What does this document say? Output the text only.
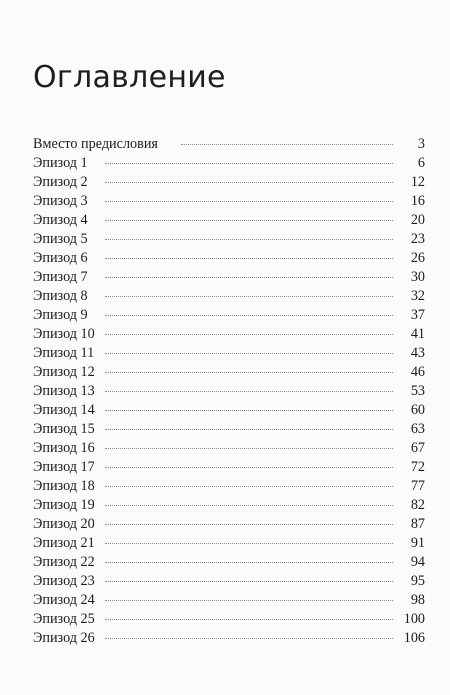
Оглавление
Вместо предисловия	3
Эпизод 1	6
Эпизод 2	12
Эпизод 3	16
Эпизод 4	20
Эпизод 5	23
Эпизод 6	26
Эпизод 7	30
Эпизод 8	32
Эпизод 9	37
Эпизод 10	41
Эпизод 11	43
Эпизод 12	46
Эпизод 13	53
Эпизод 14	60
Эпизод 15	63
Эпизод 16	67
Эпизод 17	72
Эпизод 18	77
Эпизод 19	82
Эпизод 20	87
Эпизод 21	91
Эпизод 22	94
Эпизод 23	95
Эпизод 24	98
Эпизод 25	100
Эпизод 26	106
